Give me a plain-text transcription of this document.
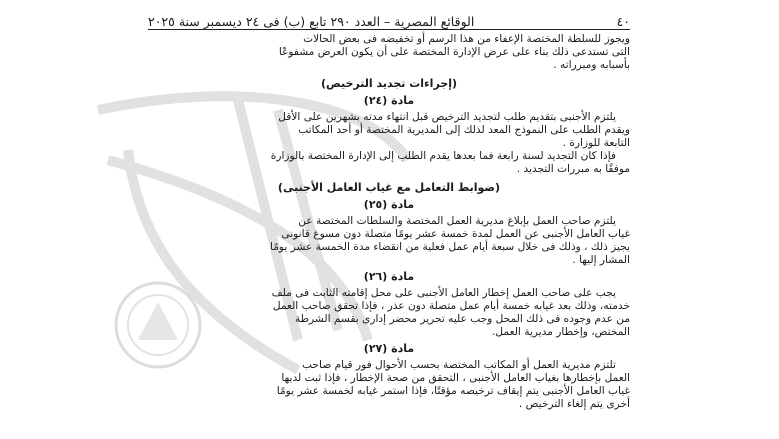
٤٠
الوقائع المصرية – العدد ٢٩٠ تابع (ب) فى ٢٤ ديسمبر سنة ٢٠٢٥

ويجوز للسلطة المختصة الإعفاء من هذا الرسم أو تخفيضه فى بعض الحالات

التى تستدعى ذلك بناء على عرض الإدارة المختصة على أن يكون العرض مشفوعًا

بأسبابه ومبرراته .

(إجراءات تجديد الترخيص)
مادة (٢٤)

يلتزم الأجنبى بتقديم طلب لتجديد الترخيص قبل انتهاء مدته بشهرين على الأقل

ويقدم الطلب على النموذج المعد لذلك إلى المديرية المختصة أو أحد المكاتب

التابعة للوزارة .

فإذا كان التجديد لسنة رابعة فما بعدها يقدم الطلب إلى الإدارة المختصة بالوزارة

موفقًا به مبررات التجديد .

(ضوابط التعامل مع غياب العامل الأجنبى)
مادة (٢٥)

يلتزم صاحب العمل بإبلاغ مديرية العمل المختصة والسلطات المختصة عن

غياب العامل الأجنبى عن العمل لمدة خمسة عشر يومًا متصلة دون مسوغ قانونى

يجيز ذلك ، وذلك فى خلال سبعة أيام عمل فعلية من انقضاء مدة الخمسة عشر يومًا

المشار إليها .

مادة (٢٦)

يجب على صاحب العمل إخطار العامل الأجنبى على محل إقامته الثابت فى ملف

خدمته، وذلك بعد غيابه خمسة أيام عمل متصلة دون عذر ، فإذا تحقق صاحب العمل

من عدم وجوده فى ذلك المحل وجب عليه تحرير محضر إدارى بقسم الشرطة

المختص، وإخطار مديرية العمل.

مادة (٢٧)

تلتزم مديرية العمل أو المكاتب المختصة بحسب الأحوال فور قيام صاحب

العمل بإخطارها بغياب العامل الأجنبى ، التحقق من صحة الإخطار ، فإذا ثبت لديها

غياب العامل الأجنبى يتم إيقاف ترخيصه مؤقتًا، فإذا استمر غيابه لخمسة عشر يومًا

أخرى يتم إلغاء الترخيص .
